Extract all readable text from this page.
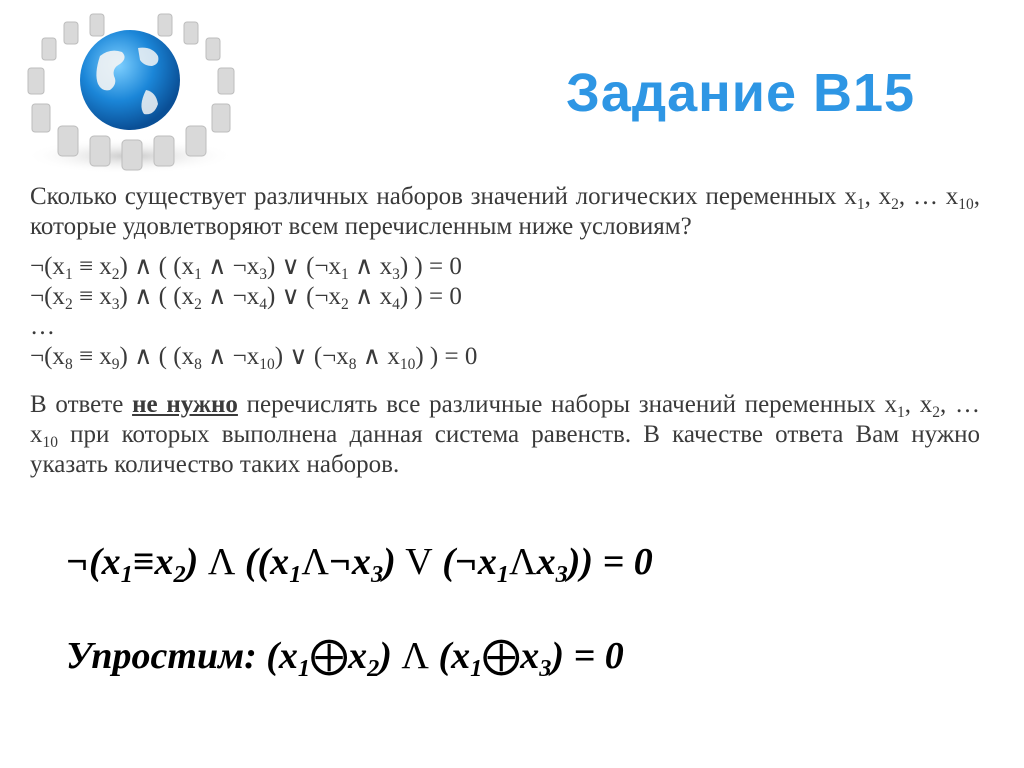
Задание B15

Сколько существует различных наборов значений логических переменных $x_1$, $x_2$, … $x_{10}$, которые удовлетворяют всем перечисленным ниже условиям?

$\neg(x_1 \equiv x_2)$ ∧ ( ($x_1$ ∧ $\neg x_3$) ∨ ($\neg x_1$ ∧ $x_3$) ) = 0
$\neg(x_2 \equiv x_3)$ ∧ ( ($x_2$ ∧ $\neg x_4$) ∨ ($\neg x_2$ ∧ $x_4$) ) = 0
…
$\neg(x_8 \equiv x_9)$ ∧ ( ($x_8$ ∧ $\neg x_{10}$) ∨ ($\neg x_8$ ∧ $x_{10}$) ) = 0

В ответе не нужно перечислять все различные наборы значений переменных $x_1$, $x_2$, … $x_{10}$ при которых выполнена данная система равенств. В качестве ответа Вам нужно указать количество таких наборов.

$\neg(x_1\equiv x_2)$ Λ ($(x_1\Lambda\neg x_3)$ V $(\neg x_1\Lambda x_3)) = 0$
Упростим: $(x_1⨁x_2)$ Λ $(x_1⨁x_3) = 0$
